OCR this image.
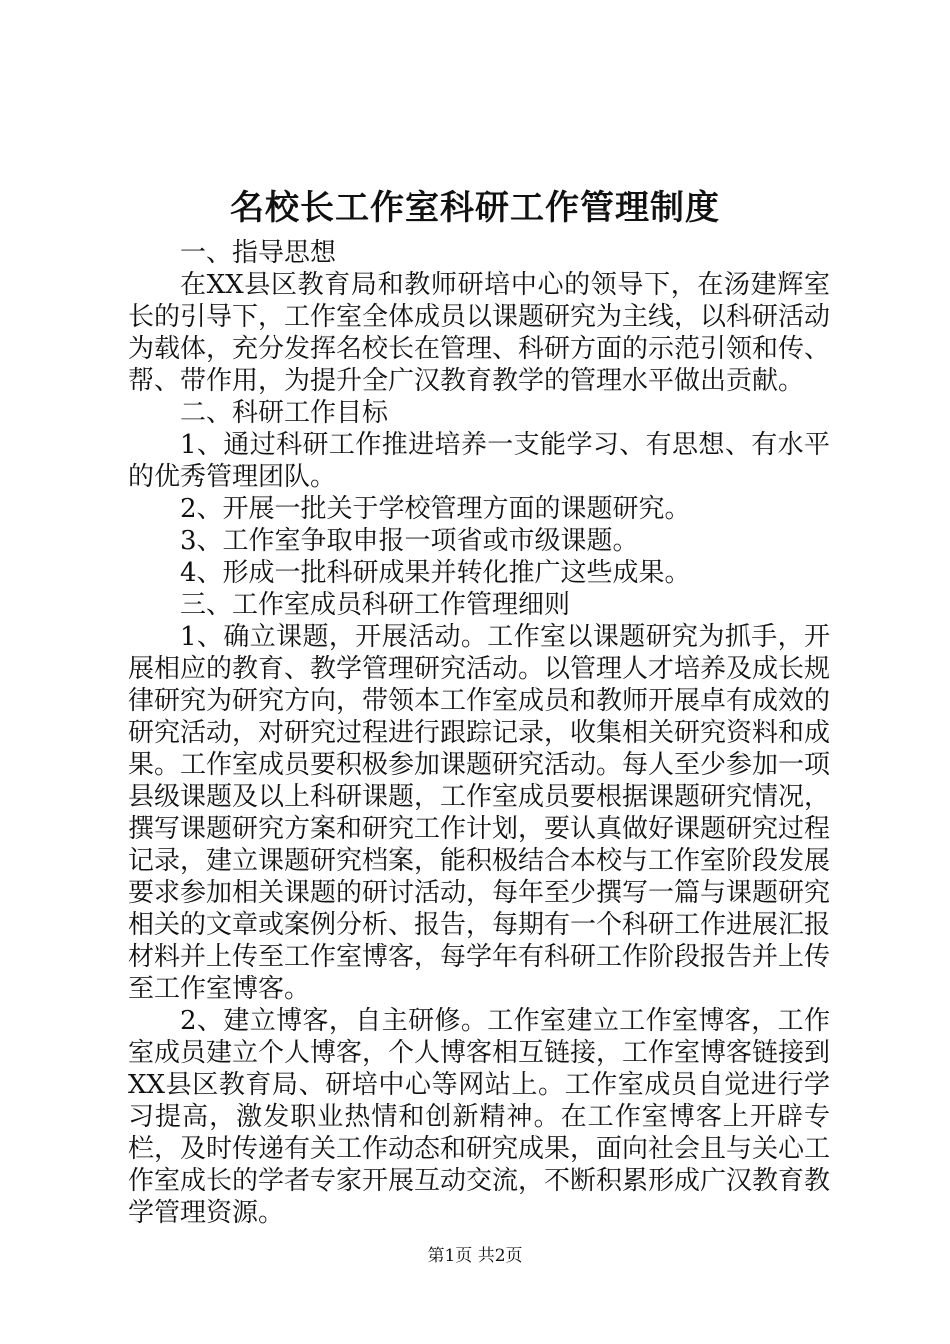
名校长工作室科研工作管理制度

一、指导思想

在XX县区教育局和教师研培中心的领导下，在汤建辉室长的引导下，工作室全体成员以课题研究为主线，以科研活动为载体，充分发挥名校长在管理、科研方面的示范引领和传、帮、带作用，为提升全广汉教育教学的管理水平做出贡献。

二、科研工作目标

1、通过科研工作推进培养一支能学习、有思想、有水平的优秀管理团队。

2、开展一批关于学校管理方面的课题研究。

3、工作室争取申报一项省或市级课题。

4、形成一批科研成果并转化推广这些成果。

三、工作室成员科研工作管理细则

1、确立课题，开展活动。工作室以课题研究为抓手，开展相应的教育、教学管理研究活动。以管理人才培养及成长规律研究为研究方向，带领本工作室成员和教师开展卓有成效的研究活动，对研究过程进行跟踪记录，收集相关研究资料和成果。工作室成员要积极参加课题研究活动。每人至少参加一项县级课题及以上科研课题，工作室成员要根据课题研究情况，撰写课题研究方案和研究工作计划，要认真做好课题研究过程记录，建立课题研究档案，能积极结合本校与工作室阶段发展要求参加相关课题的研讨活动，每年至少撰写一篇与课题研究相关的文章或案例分析、报告，每期有一个科研工作进展汇报材料并上传至工作室博客，每学年有科研工作阶段报告并上传至工作室博客。

2、建立博客，自主研修。工作室建立工作室博客，工作室成员建立个人博客，个人博客相互链接，工作室博客链接到XX县区教育局、研培中心等网站上。工作室成员自觉进行学习提高，激发职业热情和创新精神。在工作室博客上开辟专栏，及时传递有关工作动态和研究成果，面向社会且与关心工作室成长的学者专家开展互动交流，不断积累形成广汉教育教学管理资源。

第1页 共2页
